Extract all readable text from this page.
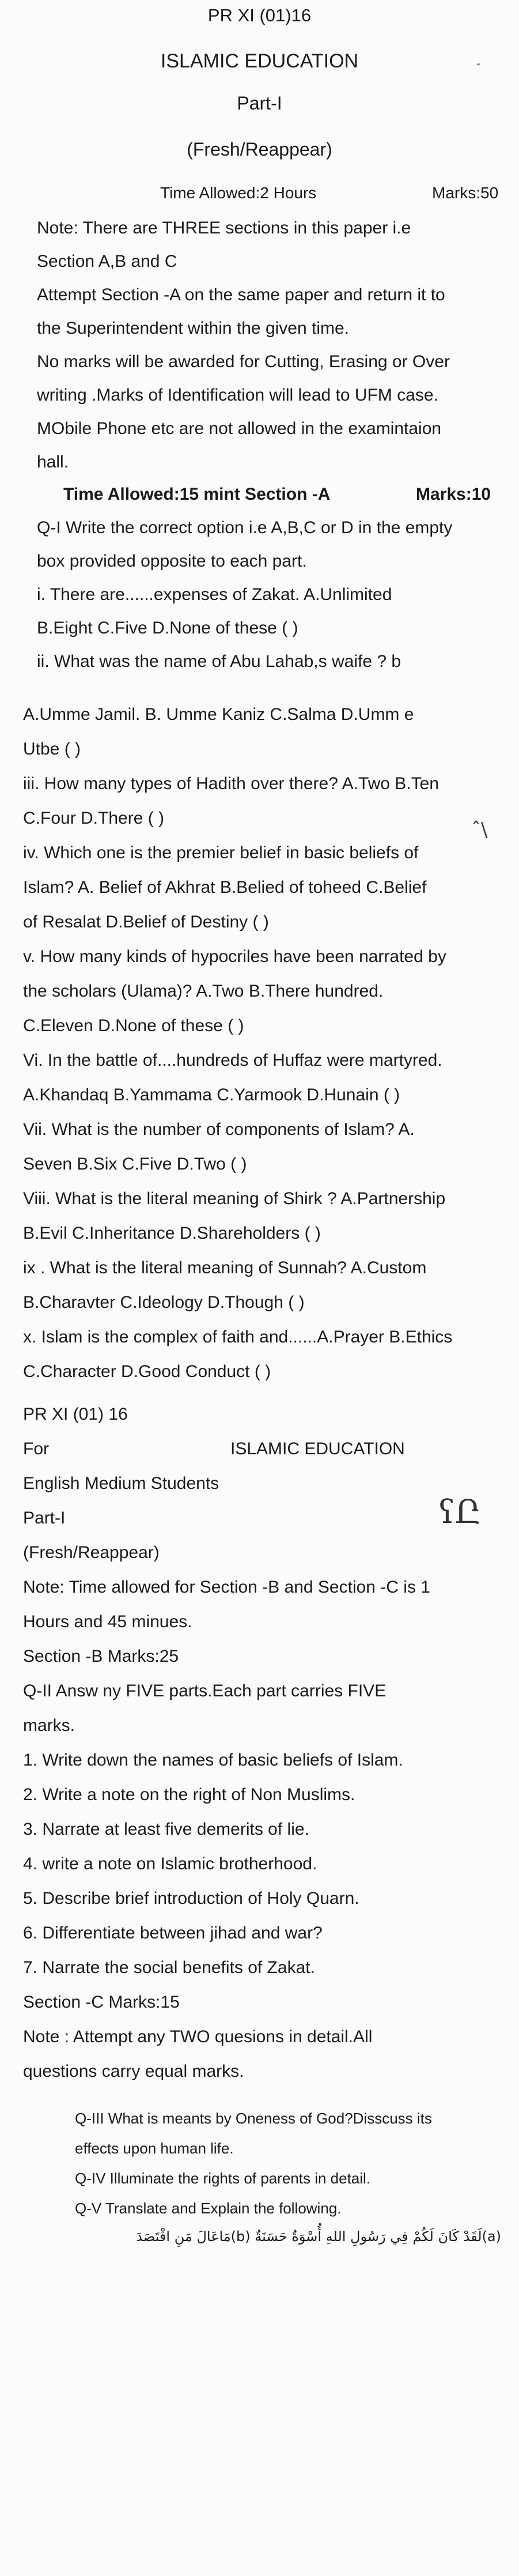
PR XI (01)16
ISLAMIC EDUCATION
Part-I
(Fresh/Reappear)
Time Allowed:2 Hours	Marks:50
˘
Note: There are THREE sections in this paper i.e
Section A,B and C
Attempt Section -A on the same paper and return it to
the Superintendent within the given time.
No marks will be awarded for Cutting, Erasing or Over
writing .Marks of Identification will lead to UFM case.
MObile Phone etc are not allowed in the examintaion
hall.
Time Allowed:15 mint Section -A	Marks:10
Q-I Write the correct option i.e A,B,C or D in the empty
box provided opposite to each part.
i. There are......expenses of Zakat. A.Unlimited
B.Eight C.Five D.None of these ( )
ii. What was the name of Abu Lahab,s waife ? b
A.Umme Jamil. B. Umme Kaniz C.Salma D.Umm e
Utbe ( )
iii. How many types of Hadith over there? A.Two B.Ten
C.Four D.There ( )
iv. Which one is the premier belief in basic beliefs of
Islam? A. Belief of Akhrat B.Belied of toheed C.Belief
of Resalat D.Belief of Destiny ( )
v. How many kinds of hypocriles have been narrated by
the scholars (Ulama)? A.Two B.There hundred.
C.Eleven D.None of these ( )
Vi. In the battle of....hundreds of Huffaz were martyred.
A.Khandaq B.Yammama C.Yarmook D.Hunain ( )
Vii. What is the number of components of Islam? A.
Seven B.Six C.Five D.Two ( )
Viii. What is the literal meaning of Shirk ? A.Partnership
B.Evil C.Inheritance D.Shareholders ( )
ix . What is the literal meaning of Sunnah? A.Custom
B.Charavter C.Ideology D.Though ( )
x. Islam is the complex of faith and......A.Prayer B.Ethics
C.Character D.Good Conduct ( )
ˆ\
PR XI (01) 16
For	ISLAMIC EDUCATION
ʕԸ
English Medium Students
Part-I
(Fresh/Reappear)
Note: Time allowed for Section -B and Section -C is 1
Hours and 45 minues.
Section -B Marks:25
Q-II Answ ny FIVE parts.Each part carries FIVE
marks.
1. Write down the names of basic beliefs of Islam.
2. Write a note on the right of Non Muslims.
3. Narrate at least five demerits of lie.
4. write a note on Islamic brotherhood.
5. Describe brief introduction of Holy Quarn.
6. Differentiate between jihad and war?
7. Narrate the social benefits of Zakat.
Section -C Marks:15
Note : Attempt any TWO quesions in detail.All
questions carry equal marks.
Q-III What is meants by Oneness of God?Disscuss its
effects upon human life.
Q-IV Illuminate the rights of parents in detail.
Q-V Translate and Explain the following.
(a)لَقَدْ كَانَ لَكُمْ فِي رَسُولِ اللهِ أُسْوَةٌ حَسَنَةٌ (b)مَاعَالَ مَنِ اقْتَصَدَ
